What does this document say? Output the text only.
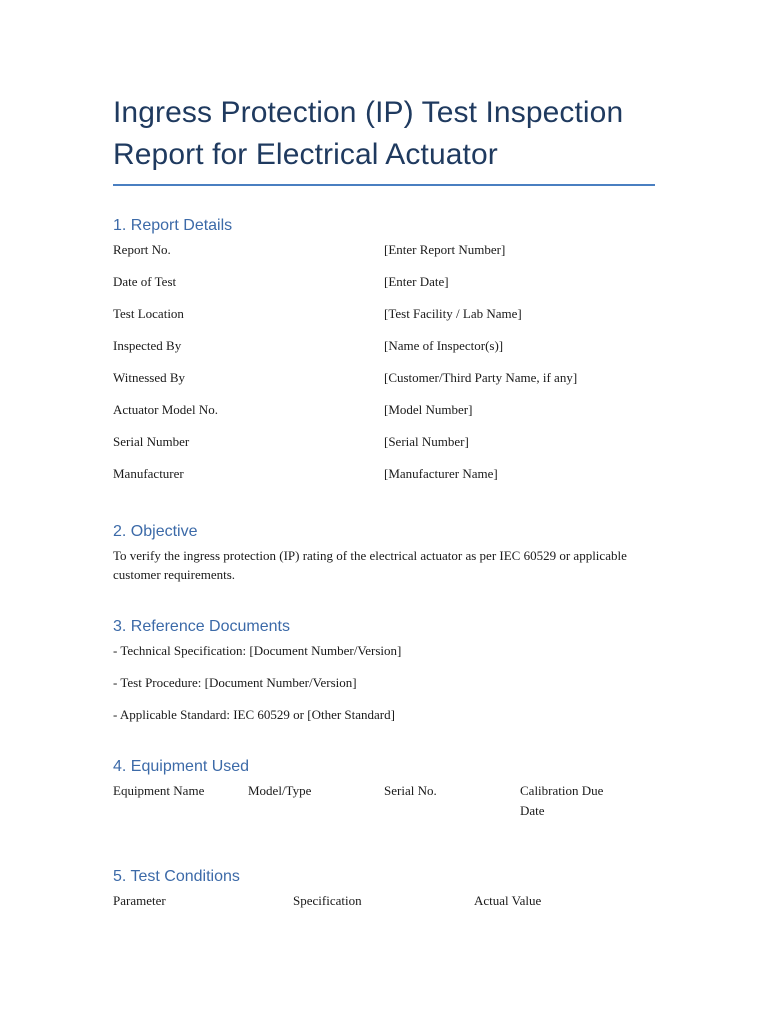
Ingress Protection (IP) Test Inspection Report for Electrical Actuator
1. Report Details
Report No.	[Enter Report Number]
Date of Test	[Enter Date]
Test Location	[Test Facility / Lab Name]
Inspected By	[Name of Inspector(s)]
Witnessed By	[Customer/Third Party Name, if any]
Actuator Model No.	[Model Number]
Serial Number	[Serial Number]
Manufacturer	[Manufacturer Name]
2. Objective
To verify the ingress protection (IP) rating of the electrical actuator as per IEC 60529 or applicable customer requirements.
3. Reference Documents
- Technical Specification: [Document Number/Version]
- Test Procedure: [Document Number/Version]
- Applicable Standard: IEC 60529 or [Other Standard]
4. Equipment Used
Equipment Name	Model/Type	Serial No.	Calibration Due Date
5. Test Conditions
Parameter	Specification	Actual Value
